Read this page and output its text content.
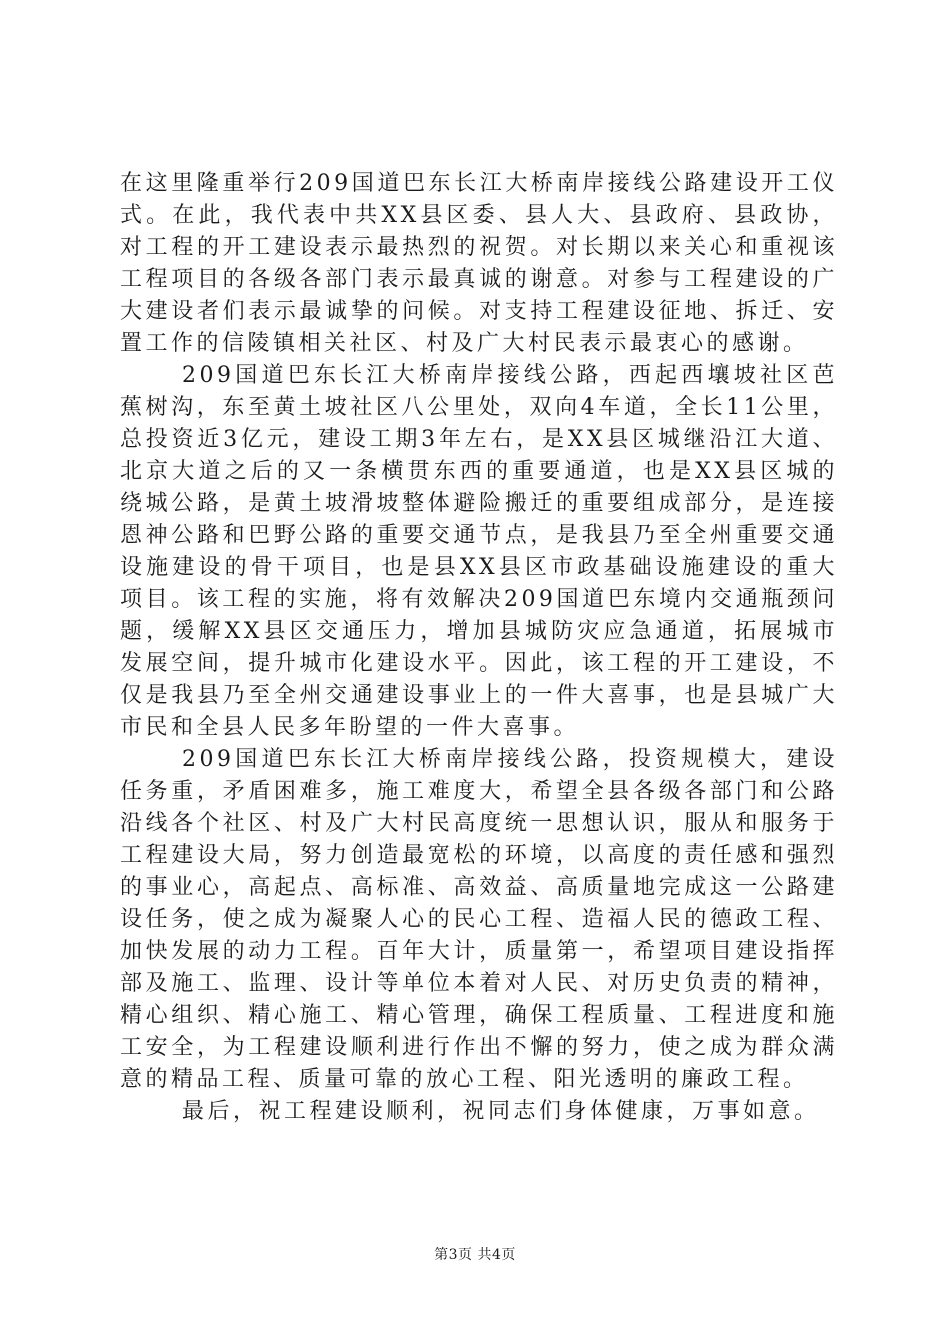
在这里隆重举行209国道巴东长江大桥南岸接线公路建设开工仪式。在此，我代表中共XX县区委、县人大、县政府、县政协，对工程的开工建设表示最热烈的祝贺。对长期以来关心和重视该工程项目的各级各部门表示最真诚的谢意。对参与工程建设的广大建设者们表示最诚挚的问候。对支持工程建设征地、拆迁、安置工作的信陵镇相关社区、村及广大村民表示最衷心的感谢。

209国道巴东长江大桥南岸接线公路，西起西壤坡社区芭蕉树沟，东至黄土坡社区八公里处，双向4车道，全长11公里，总投资近3亿元，建设工期3年左右，是XX县区城继沿江大道、北京大道之后的又一条横贯东西的重要通道，也是XX县区城的绕城公路，是黄土坡滑坡整体避险搬迁的重要组成部分，是连接恩神公路和巴野公路的重要交通节点，是我县乃至全州重要交通设施建设的骨干项目，也是县XX县区市政基础设施建设的重大项目。该工程的实施，将有效解决209国道巴东境内交通瓶颈问题，缓解XX县区交通压力，增加县城防灾应急通道，拓展城市发展空间，提升城市化建设水平。因此，该工程的开工建设，不仅是我县乃至全州交通建设事业上的一件大喜事，也是县城广大市民和全县人民多年盼望的一件大喜事。

209国道巴东长江大桥南岸接线公路，投资规模大，建设任务重，矛盾困难多，施工难度大，希望全县各级各部门和公路沿线各个社区、村及广大村民高度统一思想认识，服从和服务于工程建设大局，努力创造最宽松的环境，以高度的责任感和强烈的事业心，高起点、高标准、高效益、高质量地完成这一公路建设任务，使之成为凝聚人心的民心工程、造福人民的德政工程、加快发展的动力工程。百年大计，质量第一，希望项目建设指挥部及施工、监理、设计等单位本着对人民、对历史负责的精神，精心组织、精心施工、精心管理，确保工程质量、工程进度和施工安全，为工程建设顺利进行作出不懈的努力，使之成为群众满意的精品工程、质量可靠的放心工程、阳光透明的廉政工程。

最后，祝工程建设顺利，祝同志们身体健康，万事如意。

第3页 共4页
